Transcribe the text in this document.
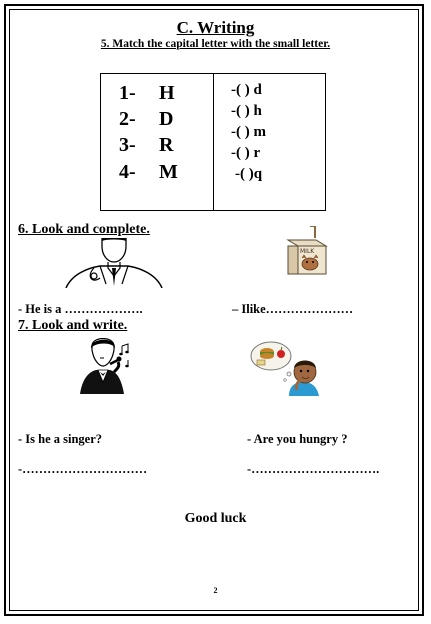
C. Writing
5. Match the capital letter with the small letter.
1- H
2- D
3- R
4- M
-( ) d
-( ) h
-( ) m
-( ) r
-( )q
6. Look and complete.
MILK
- He is a ……………….	– Ilike…………………
7. Look and write.
- Is he a singer?	- Are you hungry ?
-…………………………	-………………………….
Good luck
2
